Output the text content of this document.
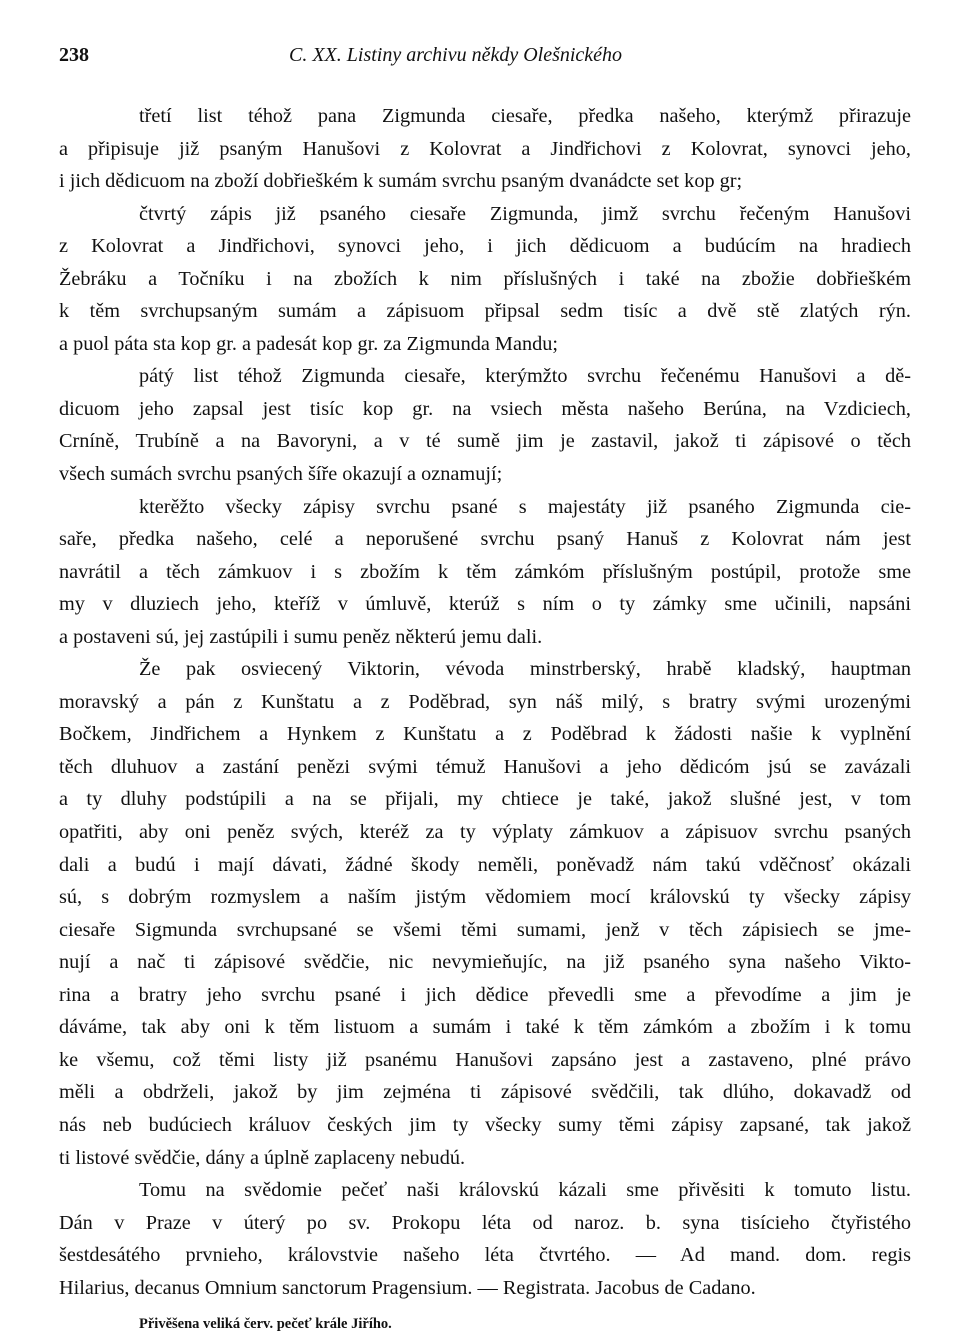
238	C. XX. Listiny archivu někdy Olešnického
třetí list téhož pana Zigmunda ciesaře, předka našeho, kterýmž přirazuje
a připisuje již psaným Hanušovi z Kolovrat a Jindřichovi z Kolovrat, synovci jeho,
i jich dědicuom na zboží dobřieškém k sumám svrchu psaným dvanádcte set kop gr;
čtvrtý zápis již psaného ciesaře Zigmunda, jimž svrchu řečeným Hanušovi
z Kolovrat a Jindřichovi, synovci jeho, i jich dědicuom a budúcím na hradiech
Žebráku a Točníku i na zbožích k nim příslušných i také na zbožie dobřieškém
k těm svrchupsaným sumám a zápisuom připsal sedm tisíc a dvě stě zlatých rýn.
a puol páta sta kop gr. a padesát kop gr. za Zigmunda Mandu;
pátý list téhož Zigmunda ciesaře, kterýmžto svrchu řečenému Hanušovi a dě-
dicuom jeho zapsal jest tisíc kop gr. na vsiech města našeho Berúna, na Vzdiciech,
Crníně, Trubíně a na Bavoryni, a v té sumě jim je zastavil, jakož ti zápisové o těch
všech sumách svrchu psaných šíře okazují a oznamují;
kterěžto všecky zápisy svrchu psané s majestáty již psaného Zigmunda cie-
saře, předka našeho, celé a neporušené svrchu psaný Hanuš z Kolovrat nám jest
navrátil a těch zámkuov i s zbožím k těm zámkóm příslušným postúpil, protože sme
my v dluziech jeho, kteříž v úmluvě, kterúž s ním o ty zámky sme učinili, napsáni
a postaveni sú, jej zastúpili i sumu peněz některú jemu dali.
Že pak osviecený Viktorin, vévoda minstrberský, hrabě kladský, hauptman
moravský a pán z Kunštatu a z Poděbrad, syn náš milý, s bratry svými urozenými
Bočkem, Jindřichem a Hynkem z Kunštatu a z Poděbrad k žádosti našie k vyplnění
těch dluhuov a zastání penězi svými témuž Hanušovi a jeho dědicóm jsú se zavázali
a ty dluhy podstúpili a na se přijali, my chtiece je také, jakož slušné jest, v tom
opatřiti, aby oni peněz svých, kteréž za ty výplaty zámkuov a zápisuov svrchu psaných
dali a budú i mají dávati, žádné škody neměli, poněvadž nám takú vděčnosť okázali
sú, s dobrým rozmyslem a naším jistým vědomiem mocí královskú ty všecky zápisy
ciesaře Sigmunda svrchupsané se všemi těmi sumami, jenž v těch zápisiech se jme-
nují a nač ti zápisové svědčie, nic nevymieňujíc, na již psaného syna našeho Vikto-
rina a bratry jeho svrchu psané i jich dědice převedli sme a převodíme a jim je
dáváme, tak aby oni k těm listuom a sumám i také k těm zámkóm a zbožím i k tomu
ke všemu, což těmi listy již psanému Hanušovi zapsáno jest a zastaveno, plné právo
měli a obdrželi, jakož by jim zejména ti zápisové svědčili, tak dlúho, dokavadž od
nás neb budúciech králuov českých jim ty všecky sumy těmi zápisy zapsané, tak jakož
ti listové svědčie, dány a úplně zaplaceny nebudú.
Tomu na svědomie pečeť naši královskú kázali sme přivěsiti k tomuto listu.
Dán v Praze v úterý po sv. Prokopu léta od naroz. b. syna tisícieho čtyřistého
šestdesátého prvnieho, královstvie našeho léta čtvrtého. — Ad mand. dom. regis
Hilarius, decanus Omnium sanctorum Pragensium. — Registrata. Jacobus de Cadano.
Přivěšena veliká červ. pečeť krále Jiřího.
